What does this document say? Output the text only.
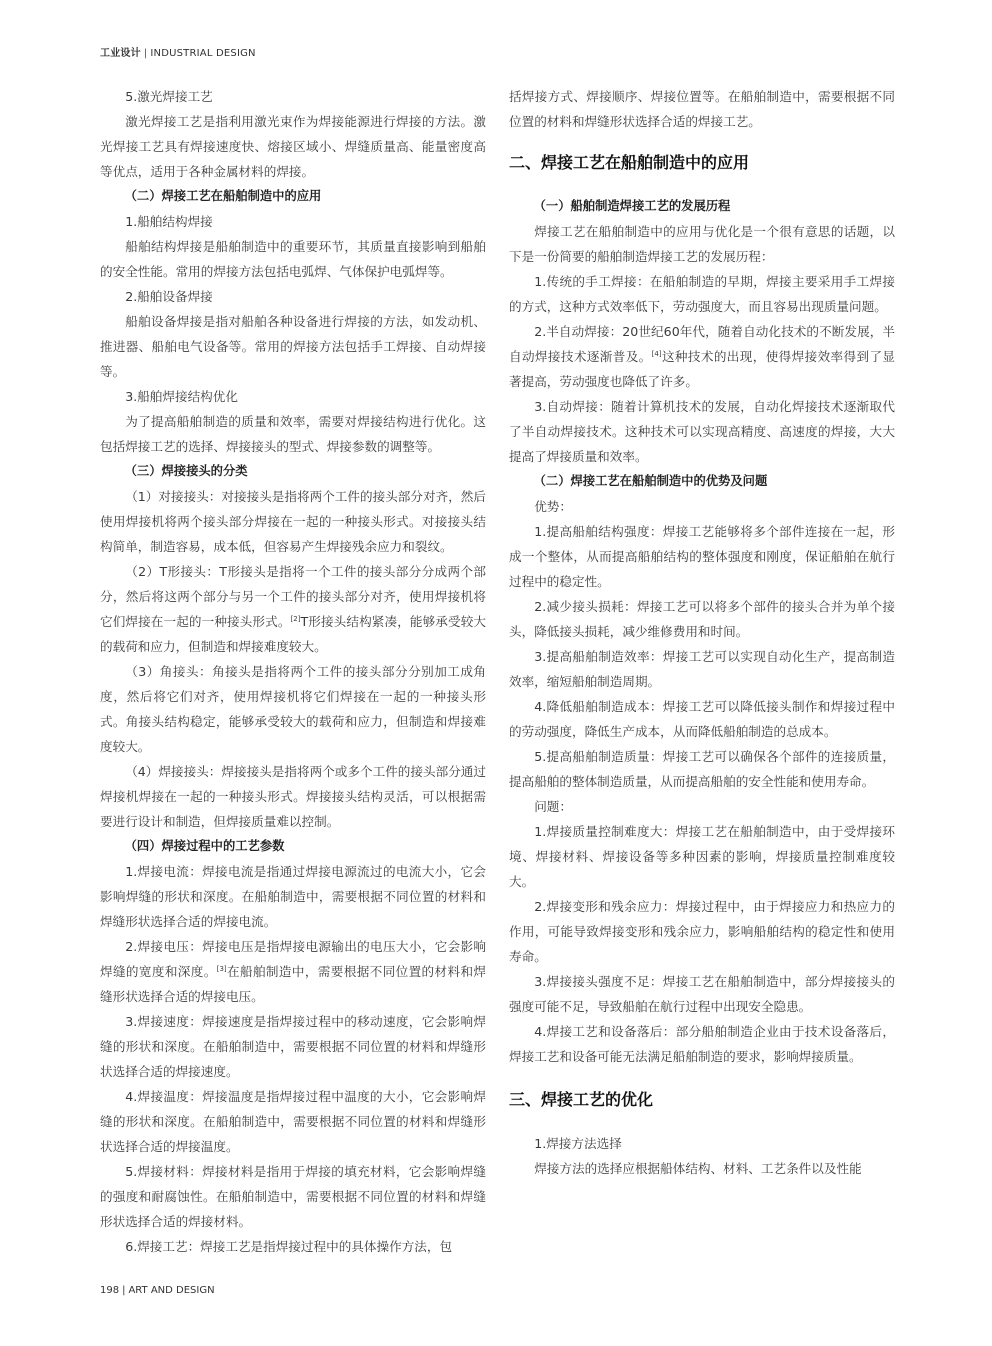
工业设计 | INDUSTRIAL DESIGN

5.激光焊接工艺

激光焊接工艺是指利用激光束作为焊接能源进行焊接的方法。激光焊接工艺具有焊接速度快、熔接区域小、焊缝质量高、能量密度高等优点，适用于各种金属材料的焊接。

（二）焊接工艺在船舶制造中的应用

1.船舶结构焊接

船舶结构焊接是船舶制造中的重要环节，其质量直接影响到船舶的安全性能。常用的焊接方法包括电弧焊、气体保护电弧焊等。

2.船舶设备焊接

船舶设备焊接是指对船舶各种设备进行焊接的方法，如发动机、推进器、船舶电气设备等。常用的焊接方法包括手工焊接、自动焊接等。

3.船舶焊接结构优化

为了提高船舶制造的质量和效率，需要对焊接结构进行优化。这包括焊接工艺的选择、焊接接头的型式、焊接参数的调整等。

（三）焊接接头的分类

（1）对接接头：对接接头是指将两个工件的接头部分对齐，然后使用焊接机将两个接头部分焊接在一起的一种接头形式。对接接头结构简单，制造容易，成本低，但容易产生焊接残余应力和裂纹。

（2）T形接头：T形接头是指将一个工件的接头部分分成两个部分，然后将这两个部分与另一个工件的接头部分对齐，使用焊接机将它们焊接在一起的一种接头形式。[2]T形接头结构紧凑，能够承受较大的载荷和应力，但制造和焊接难度较大。

（3）角接头：角接头是指将两个工件的接头部分分别加工成角度，然后将它们对齐，使用焊接机将它们焊接在一起的一种接头形式。角接头结构稳定，能够承受较大的载荷和应力，但制造和焊接难度较大。

（4）焊接接头：焊接接头是指将两个或多个工件的接头部分通过焊接机焊接在一起的一种接头形式。焊接接头结构灵活，可以根据需要进行设计和制造，但焊接质量难以控制。

（四）焊接过程中的工艺参数

1.焊接电流：焊接电流是指通过焊接电源流过的电流大小，它会影响焊缝的形状和深度。在船舶制造中，需要根据不同位置的材料和焊缝形状选择合适的焊接电流。

2.焊接电压：焊接电压是指焊接电源输出的电压大小，它会影响焊缝的宽度和深度。[3]在船舶制造中，需要根据不同位置的材料和焊缝形状选择合适的焊接电压。

3.焊接速度：焊接速度是指焊接过程中的移动速度，它会影响焊缝的形状和深度。在船舶制造中，需要根据不同位置的材料和焊缝形状选择合适的焊接速度。

4.焊接温度：焊接温度是指焊接过程中温度的大小，它会影响焊缝的形状和深度。在船舶制造中，需要根据不同位置的材料和焊缝形状选择合适的焊接温度。

5.焊接材料：焊接材料是指用于焊接的填充材料，它会影响焊缝的强度和耐腐蚀性。在船舶制造中，需要根据不同位置的材料和焊缝形状选择合适的焊接材料。

6.焊接工艺：焊接工艺是指焊接过程中的具体操作方法，包

括焊接方式、焊接顺序、焊接位置等。在船舶制造中，需要根据不同位置的材料和焊缝形状选择合适的焊接工艺。

二、焊接工艺在船舶制造中的应用

（一）船舶制造焊接工艺的发展历程

焊接工艺在船舶制造中的应用与优化是一个很有意思的话题，以下是一份简要的船舶制造焊接工艺的发展历程：

1.传统的手工焊接：在船舶制造的早期，焊接主要采用手工焊接的方式，这种方式效率低下，劳动强度大，而且容易出现质量问题。

2.半自动焊接：20世纪60年代，随着自动化技术的不断发展，半自动焊接技术逐渐普及。[4]这种技术的出现，使得焊接效率得到了显著提高，劳动强度也降低了许多。

3.自动焊接：随着计算机技术的发展，自动化焊接技术逐渐取代了半自动焊接技术。这种技术可以实现高精度、高速度的焊接，大大提高了焊接质量和效率。

（二）焊接工艺在船舶制造中的优势及问题

优势：

1.提高船舶结构强度：焊接工艺能够将多个部件连接在一起，形成一个整体，从而提高船舶结构的整体强度和刚度，保证船舶在航行过程中的稳定性。

2.减少接头损耗：焊接工艺可以将多个部件的接头合并为单个接头，降低接头损耗，减少维修费用和时间。

3.提高船舶制造效率：焊接工艺可以实现自动化生产，提高制造效率，缩短船舶制造周期。

4.降低船舶制造成本：焊接工艺可以降低接头制作和焊接过程中的劳动强度，降低生产成本，从而降低船舶制造的总成本。

5.提高船舶制造质量：焊接工艺可以确保各个部件的连接质量，提高船舶的整体制造质量，从而提高船舶的安全性能和使用寿命。

问题：

1.焊接质量控制难度大：焊接工艺在船舶制造中，由于受焊接环境、焊接材料、焊接设备等多种因素的影响，焊接质量控制难度较大。

2.焊接变形和残余应力：焊接过程中，由于焊接应力和热应力的作用，可能导致焊接变形和残余应力，影响船舶结构的稳定性和使用寿命。

3.焊接接头强度不足：焊接工艺在船舶制造中，部分焊接接头的强度可能不足，导致船舶在航行过程中出现安全隐患。

4.焊接工艺和设备落后：部分船舶制造企业由于技术设备落后，焊接工艺和设备可能无法满足船舶制造的要求，影响焊接质量。

三、焊接工艺的优化

1.焊接方法选择

焊接方法的选择应根据船体结构、材料、工艺条件以及性能

198 | ART AND DESIGN
